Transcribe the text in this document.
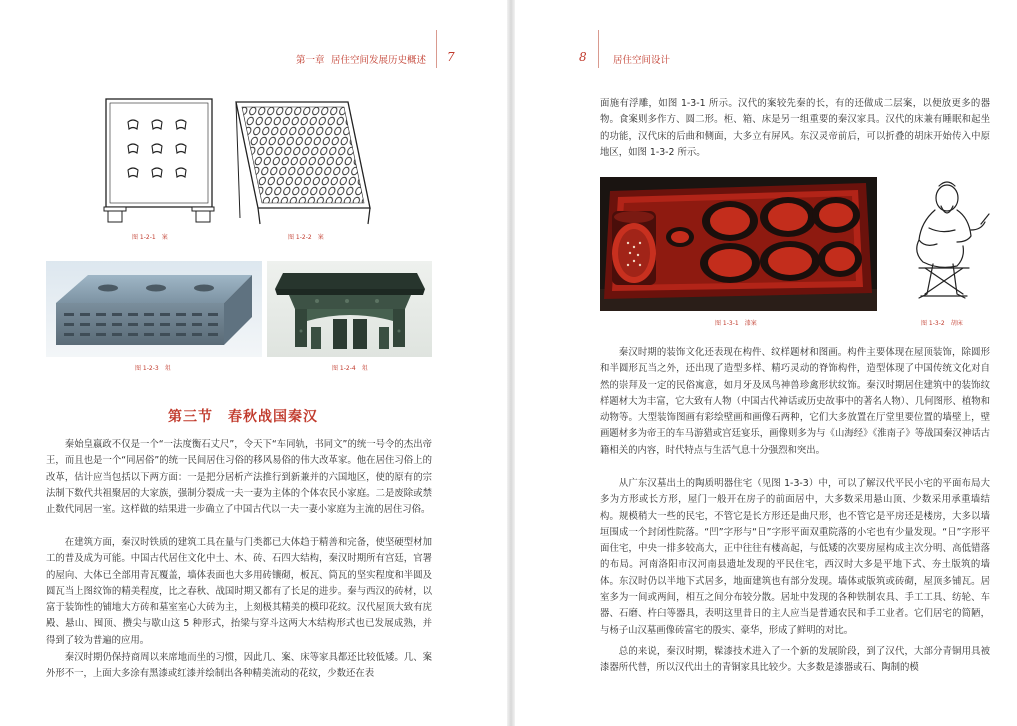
第一章 居住空间发展历史概述 7
图 1-2-1　案	图 1-2-2　案
图 1-2-3　俎	图 1-2-4　俎
第三节　春秋战国秦汉

秦始皇嬴政不仅是一个“一法度衡石丈尺”，令天下“车同轨，书同文”的统一号令的杰出帝王，而且也是一个“同居俗”的统一民间居住习俗的移风易俗的伟大改革家。他在居住习俗上的改革，估计应当包括以下两方面：一是把分居析产法推行到新兼并的六国地区，使的原有的宗法制下数代共祖聚居的大家族，强制分裂成一夫一妻为主体的个体农民小家庭。二是废除或禁止数代同居一室。这样做的结果进一步确立了中国古代以一夫一妻小家庭为主流的居住习俗。

在建筑方面，秦汉时铁质的建筑工具在量与门类都已大体趋于精善和完备，使坚硬型材加工的普及成为可能。中国古代居住文化中土、木、砖、石四大结构，秦汉时期所有宫廷，官署的屋向、大体已全部用青瓦覆盖，墙体表面也大多用砖镶砌，板瓦、筒瓦的坚实程度和半圆及圆瓦当上图纹饰的精美程度，比之春秋、战国时期又都有了长足的进步。秦与西汉的砖材，以富于装饰性的铺地大方砖和墓室室心大砖为主，上刻极其精美的模印花纹。汉代屋顶大致有庑殿、悬山、囤顶、攒尖与歇山这 5 种形式，抬梁与穿斗这两大木结构形式也已发展成熟，并得到了较为普遍的应用。

秦汉时期仍保持商周以来席地而坐的习惯，因此几、案、床等家具都还比较低矮。几、案外形不一，上面大多涂有黑漆或红漆并绘制出各种精美流动的花纹，少数还在表

8	居住空间设计

面施有浮雕，如图 1-3-1 所示。汉代的案较先秦的长，有的还做成二层案，以便放更多的器物。食案则多作方、圆二形。柜、箱、床是另一组重要的秦汉家具。汉代的床兼有睡眠和起坐的功能，汉代床的后曲和侧面，大多立有屏风。东汉灵帝前后，可以折叠的胡床开始传入中原地区，如图 1-3-2 所示。

图 1-3-1　漆案	图 1-3-2　胡床

秦汉时期的装饰文化还表现在构件、纹样题材和图画。构件主要体现在屋顶装饰，除圆形和半圆形瓦当之外，还出现了造型多样、精巧灵动的脊饰构件，造型体现了中国传统文化对自然的崇拜及一定的民俗寓意，如月牙及凤鸟神兽珍禽形状纹饰。秦汉时期居住建筑中的装饰纹样题材大为丰富，它大致有人物（中国古代神话或历史故事中的著名人物）、几何图形、植物和动物等。大型装饰图画有彩绘壁画和画像石两种，它们大多放置在厅堂里要位置的墙壁上，壁画题材多为帝王的车马游猎或宫廷宴乐，画像则多为与《山海经》《淮南子》等战国秦汉神话古籍相关的内容，时代特点与生活气息十分强烈和突出。

从广东汉墓出土的陶质明器住宅（见图 1-3-3）中，可以了解汉代平民小宅的平面布局大多为方形或长方形，屋门一般开在房子的前面居中，大多数采用悬山顶、少数采用承重墙结构。规模稍大一些的民宅，不管它是长方形还是曲尺形，也不管它是平房还是楼房，大多以墙垣围成一个封闭性院落。“凹”字形与“日”字形平面双重院落的小宅也有少量发现。“日”字形平面住宅，中央一排多较高大，正中往往有楼高起，与低矮的次要房屋构成主次分明、高低错落的布局。河南洛阳市汉河南县遗址发现的平民住宅，西汉时大多是平地下式、夯土版筑的墙体。东汉时仍以半地下式居多，地面建筑也有部分发现。墙体或版筑或砖砌，屋顶多铺瓦。居室多为一间或两间，相互之间分布较分散。居址中发现的各种铁制农具、手工工具、纺轮、车器、石磨、杵臼等器具，表明这里昔日的主人应当是普通农民和手工业者。它们居宅的简陋，与杨子山汉墓画像砖富宅的殷实、豪华，形成了鲜明的对比。

总的来说，秦汉时期，髹漆技术进入了一个新的发展阶段，到了汉代，大部分青铜用具被漆器所代替，所以汉代出土的青铜家具比较少。大多数是漆器或石、陶制的模
